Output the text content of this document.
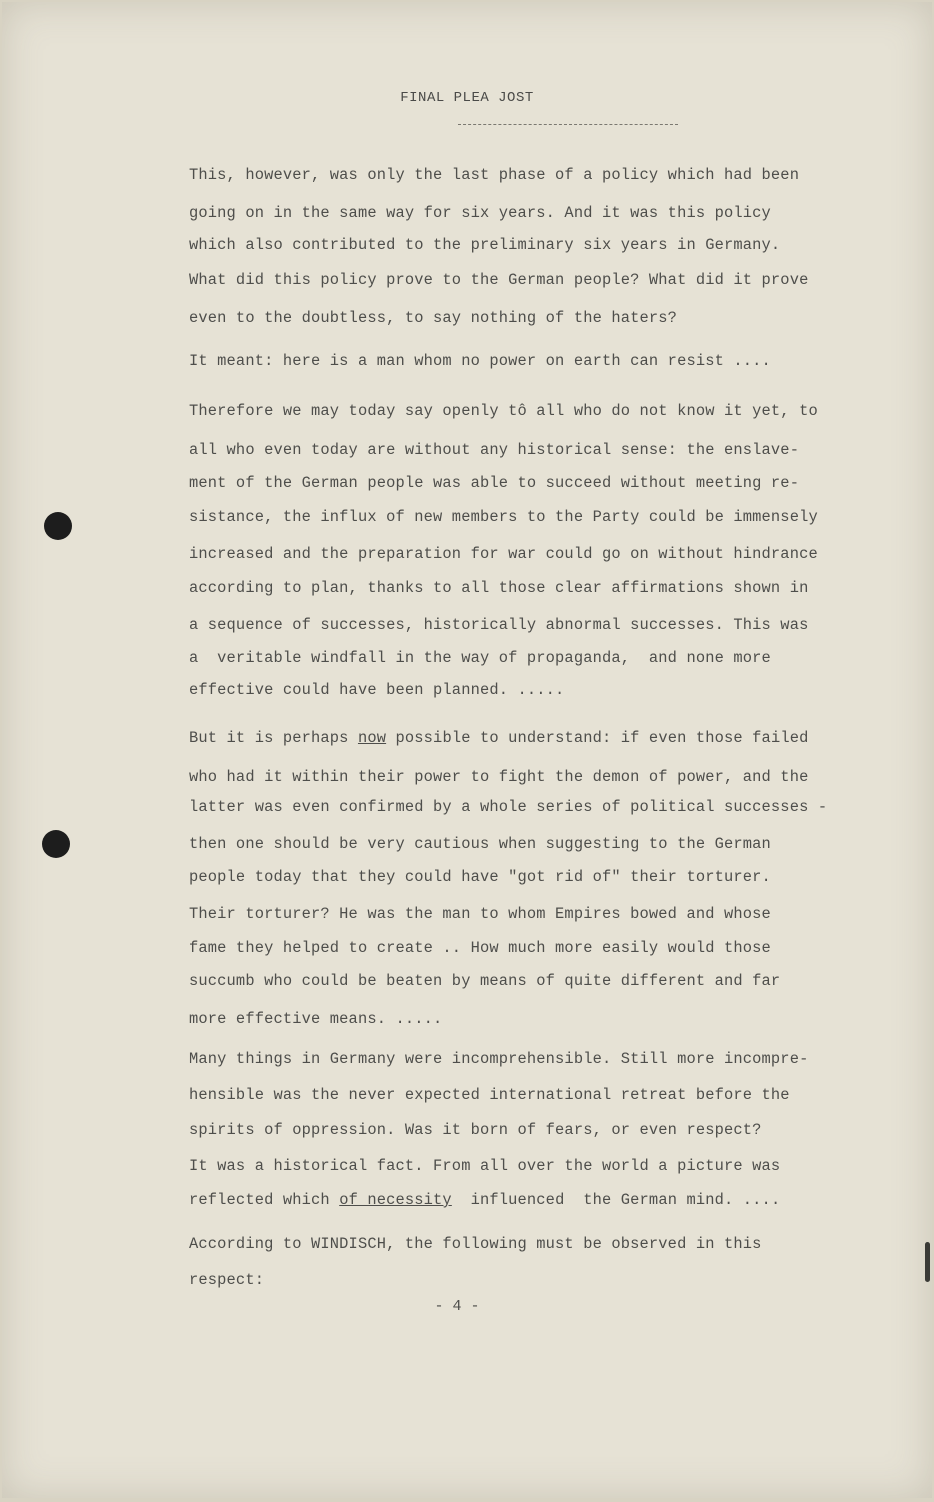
FINAL PLEA JOST
This, however, was only the last phase of a policy which had been
going on in the same way for six years. And it was this policy
which also contributed to the preliminary six years in Germany.
What did this policy prove to the German people? What did it prove
even to the doubtless, to say nothing of the haters?
It meant: here is a man whom no power on earth can resist ....
Therefore we may today say openly tô all who do not know it yet, to
all who even today are without any historical sense: the enslave-
ment of the German people was able to succeed without meeting re-
sistance, the influx of new members to the Party could be immensely
increased and the preparation for war could go on without hindrance
according to plan, thanks to all those clear affirmations shown in
a sequence of successes, historically abnormal successes. This was
a  veritable windfall in the way of propaganda,  and none more
effective could have been planned. .....
But it is perhaps now possible to understand: if even those failed
who had it within their power to fight the demon of power, and the
latter was even confirmed by a whole series of political successes -
then one should be very cautious when suggesting to the German
people today that they could have "got rid of" their torturer.
Their torturer? He was the man to whom Empires bowed and whose
fame they helped to create .. How much more easily would those
succumb who could be beaten by means of quite different and far
more effective means. .....
Many things in Germany were incomprehensible. Still more incompre-
hensible was the never expected international retreat before the
spirits of oppression. Was it born of fears, or even respect?
It was a historical fact. From all over the world a picture was
reflected which of necessity  influenced  the German mind. ....
According to WINDISCH, the following must be observed in this
respect:
- 4 -
